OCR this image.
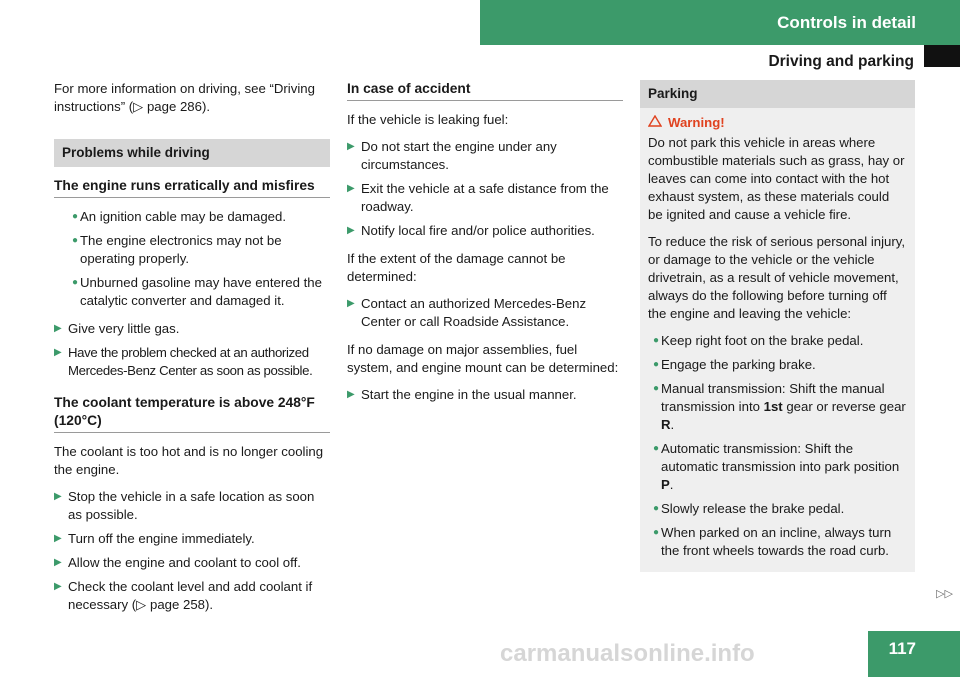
Controls in detail
Driving and parking

For more information on driving, see “Driving instructions” (▷ page 286).

Problems while driving
The engine runs erratically and misfires
● An ignition cable may be damaged.
● The engine electronics may not be operating properly.
● Unburned gasoline may have entered the catalytic converter and damaged it.
▶ Give very little gas.
▶ Have the problem checked at an authorized Mercedes-Benz Center as soon as possible.
The coolant temperature is above 248°F (120°C)

The coolant is too hot and is no longer cooling the engine.

▶ Stop the vehicle in a safe location as soon as possible.
▶ Turn off the engine immediately.
▶ Allow the engine and coolant to cool off.
▶ Check the coolant level and add coolant if necessary (▷ page 258).
In case of accident

If the vehicle is leaking fuel:

▶ Do not start the engine under any circumstances.
▶ Exit the vehicle at a safe distance from the roadway.
▶ Notify local fire and/or police authorities.

If the extent of the damage cannot be determined:

▶ Contact an authorized Mercedes-Benz Center or call Roadside Assistance.

If no damage on major assemblies, fuel system, and engine mount can be determined:

▶ Start the engine in the usual manner.
Parking
Warning!

Do not park this vehicle in areas where combustible materials such as grass, hay or leaves can come into contact with the hot exhaust system, as these materials could be ignited and cause a vehicle fire.

To reduce the risk of serious personal injury, or damage to the vehicle or the vehicle drivetrain, as a result of vehicle movement, always do the following before turning off the engine and leaving the vehicle:

● Keep right foot on the brake pedal.
● Engage the parking brake.
● Manual transmission: Shift the manual transmission into 1st gear or reverse gear R.
● Automatic transmission: Shift the automatic transmission into park position P.
● Slowly release the brake pedal.
● When parked on an incline, always turn the front wheels towards the road curb.
▷▷
carmanualsonline.info	117
